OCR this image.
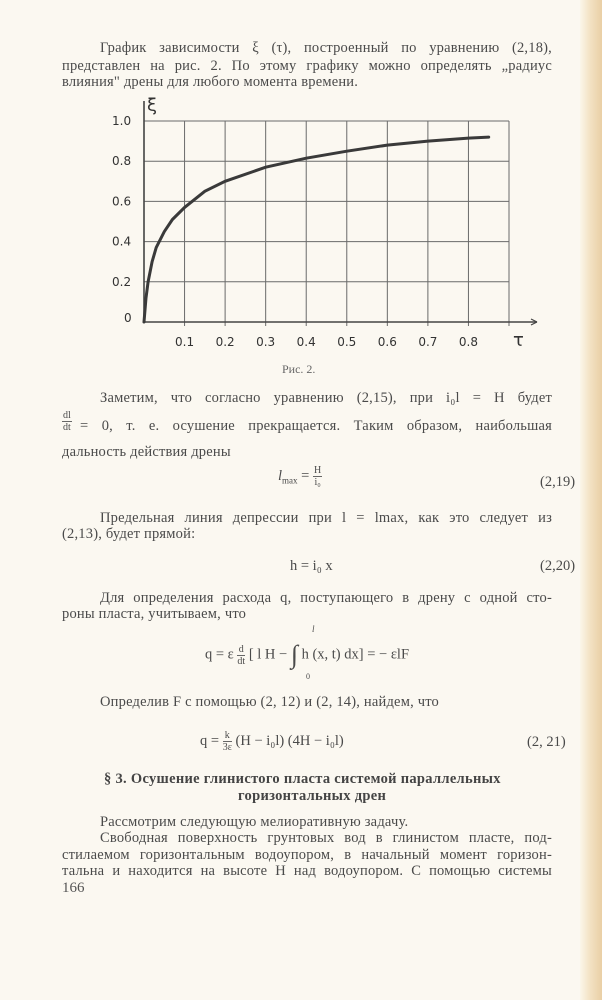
График зависимости ξ (τ), построенный по уравнению (2,18),
представлен на рис. 2. По этому графику можно определять „радиус
влияния" дрены для любого момента времени.
0.1 0.2 0.3 0.4 0.5 0.6 0.7 0.8
0
0.2
0.4
0.6
0.8
1.0
τ
ξ
Рис. 2.
Заметим, что согласно уравнению (2,15), при i₀l = H будет
$\frac{dl}{dt} = 0$, т. е. осушение прекращается. Таким образом, наибольшая
дальность действия дрены
$l_{max} = \frac{H}{\text{i₀}}$	(2,19)
Предельная линия депрессии при l = lmax, как это следует из
(2,13), будет прямой:
h = i₀ x	(2,20)
Для определения расхода q, поступающего в дрену с одной сто-
роны пласта, учитываем, что
q = ε $\frac{d}{dt}$ [ l H − ∫ h (x, t) dx] = − εlF
l
0
Определив F с помощью (2, 12) и (2, 14), найдем, что
$q = \frac{k}{3\varepsilon} (H - i_0l) (4H - i_0l)$	(2, 21)
§ 3. Осушение глинистого пласта системой параллельных
горизонтальных дрен
Рассмотрим следующую мелиоративную задачу.
Свободная поверхность грунтовых вод в глинистом пласте, под-
стилаемом горизонтальным водоупором, в начальный момент горизон-
тальна и находится на высоте H над водоупором. С помощью системы
166
